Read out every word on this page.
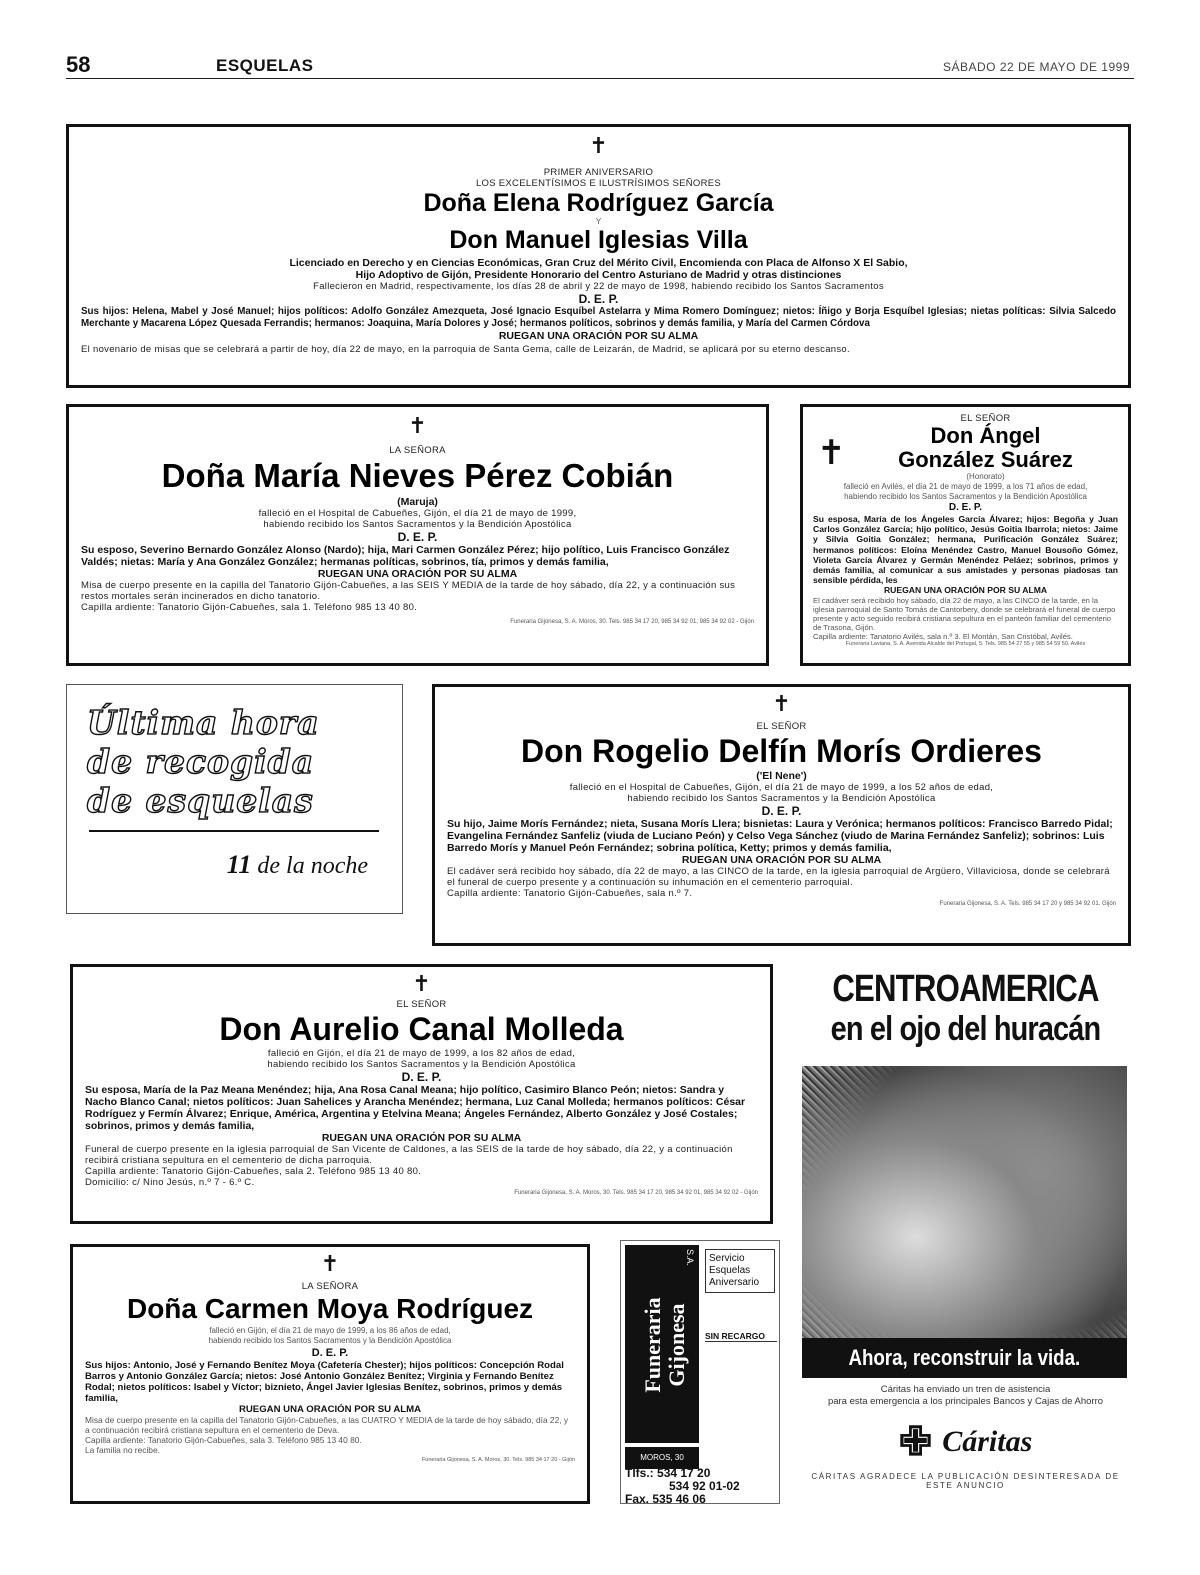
58	ESQUELAS	SÁBADO 22 DE MAYO DE 1999
✝
PRIMER ANIVERSARIO
LOS EXCELENTÍSIMOS E ILUSTRÍSIMOS SEÑORES
Doña Elena Rodríguez García
Y
Don Manuel Iglesias Villa
Licenciado en Derecho y en Ciencias Económicas, Gran Cruz del Mérito Civil, Encomienda con Placa de Alfonso X El Sabio,
Hijo Adoptivo de Gijón, Presidente Honorario del Centro Asturiano de Madrid y otras distinciones
Fallecieron en Madrid, respectivamente, los días 28 de abril y 22 de mayo de 1998, habiendo recibido los Santos Sacramentos
D. E. P.
Sus hijos: Helena, Mabel y José Manuel; hijos políticos: Adolfo González Amezqueta, José Ignacio Esquíbel Astelarra y Mima Romero Domínguez; nietos: Íñigo y Borja Esquíbel Iglesias; nietas políticas: Silvia Salcedo Merchante y Macarena López Quesada Ferrandis; hermanos: Joaquina, María Dolores y José; hermanos políticos, sobrinos y demás familia, y María del Carmen Córdova
RUEGAN UNA ORACIÓN POR SU ALMA
El novenario de misas que se celebrará a partir de hoy, día 22 de mayo, en la parroquia de Santa Gema, calle de Leizarán, de Madrid, se aplicará por su eterno descanso.
✝
LA SEÑORA
Doña María Nieves Pérez Cobián
(Maruja)
falleció en el Hospital de Cabueñes, Gijón, el día 21 de mayo de 1999,
habiendo recibido los Santos Sacramentos y la Bendición Apostólica
D. E. P.
Su esposo, Severino Bernardo González Alonso (Nardo); hija, Mari Carmen González Pérez; hijo político, Luis Francisco González Valdés; nietas: María y Ana González González; hermanas políticas, sobrinos, tía, primos y demás familia,
RUEGAN UNA ORACIÓN POR SU ALMA
Misa de cuerpo presente en la capilla del Tanatorio Gijón-Cabueñes, a las SEIS Y MEDIA de la tarde de hoy sábado, día 22, y a continuación sus restos mortales serán incinerados en dicho tanatorio.
Capilla ardiente: Tanatorio Gijón-Cabueñes, sala 1. Teléfono 985 13 40 80.
Funeraria Gijonesa, S. A. Moros, 30. Tels. 985 34 17 20, 985 34 92 01, 985 34 92 02 - Gijón
✝
EL SEÑOR
Don Ángel
González Suárez
(Honorato)
falleció en Avilés, el día 21 de mayo de 1999, a los 71 años de edad,
habiendo recibido los Santos Sacramentos y la Bendición Apostólica
D. E. P.
Su esposa, María de los Ángeles García Álvarez; hijos: Begoña y Juan Carlos González García; hijo político, Jesús Goitia Ibarrola; nietos: Jaime y Silvia Goitia González; hermana, Purificación González Suárez; hermanos políticos: Eloína Menéndez Castro, Manuel Bousoño Gómez, Violeta García Álvarez y Germán Menéndez Peláez; sobrinos, primos y demás familia, al comunicar a sus amistades y personas piadosas tan sensible pérdida, les
RUEGAN UNA ORACIÓN POR SU ALMA
El cadáver será recibido hoy sábado, día 22 de mayo, a las CINCO de la tarde, en la iglesia parroquial de Santo Tomás de Cantorbery, donde se celebrará el funeral de cuerpo presente y acto seguido recibirá cristiana sepultura en el panteón familiar del cementerio de Trasona, Gijón.
Capilla ardiente: Tanatorio Avilés, sala n.º 3. El Montán, San Cristóbal, Avilés.
Funeraria Laviana, S. A. Avenida Alcalde del Portugal, 5. Tels. 985 54 27 55 y 985 54 59 50. Avilés
Última hora
de recogida
de esquelas
11 de la noche
✝
EL SEÑOR
Don Rogelio Delfín Morís Ordieres
('El Nene')
falleció en el Hospital de Cabueñes, Gijón, el día 21 de mayo de 1999, a los 52 años de edad,
habiendo recibido los Santos Sacramentos y la Bendición Apostólica
D. E. P.
Su hijo, Jaime Morís Fernández; nieta, Susana Morís Llera; bisnietas: Laura y Verónica; hermanos políticos: Francisco Barredo Pidal; Evangelina Fernández Sanfeliz (viuda de Luciano Peón) y Celso Vega Sánchez (viudo de Marina Fernández Sanfeliz); sobrinos: Luis Barredo Morís y Manuel Peón Fernández; sobrina política, Ketty; primos y demás familia,
RUEGAN UNA ORACIÓN POR SU ALMA
El cadáver será recibido hoy sábado, día 22 de mayo, a las CINCO de la tarde, en la iglesia parroquial de Argüero, Villaviciosa, donde se celebrará el funeral de cuerpo presente y a continuación su inhumación en el cementerio parroquial.
Capilla ardiente: Tanatorio Gijón-Cabueñes, sala n.º 7.
Funeraria Gijonesa, S. A. Tels. 985 34 17 20 y 985 34 92 01. Gijón
✝
EL SEÑOR
Don Aurelio Canal Molleda
falleció en Gijón, el día 21 de mayo de 1999, a los 82 años de edad,
habiendo recibido los Santos Sacramentos y la Bendición Apostólica
D. E. P.
Su esposa, María de la Paz Meana Menéndez; hija, Ana Rosa Canal Meana; hijo político, Casimiro Blanco Peón; nietos: Sandra y Nacho Blanco Canal; nietos políticos: Juan Sahelices y Arancha Menéndez; hermana, Luz Canal Molleda; hermanos políticos: César Rodríguez y Fermín Álvarez; Enrique, América, Argentina y Etelvina Meana; Ángeles Fernández, Alberto González y José Costales; sobrinos, primos y demás familia,
RUEGAN UNA ORACIÓN POR SU ALMA
Funeral de cuerpo presente en la iglesia parroquial de San Vicente de Caldones, a las SEIS de la tarde de hoy sábado, día 22, y a continuación recibirá cristiana sepultura en el cementerio de dicha parroquia.
Capilla ardiente: Tanatorio Gijón-Cabueñes, sala 2. Teléfono 985 13 40 80.
Domicilio: c/ Nino Jesús, n.º 7 - 6.º C.
Funeraria Gijonesa, S. A. Moros, 30. Tels. 985 34 17 20, 985 34 92 01, 985 34 92 02 - Gijón
✝
LA SEÑORA
Doña Carmen Moya Rodríguez
falleció en Gijón, el día 21 de mayo de 1999, a los 86 años de edad,
habiendo recibido los Santos Sacramentos y la Bendición Apostólica
D. E. P.
Sus hijos: Antonio, José y Fernando Benítez Moya (Cafetería Chester); hijos políticos: Concepción Rodal Barros y Antonio González García; nietos: José Antonio González Benítez; Virginia y Fernando Benítez Rodal; nietos políticos: Isabel y Víctor; biznieto, Ángel Javier Iglesias Benítez, sobrinos, primos y demás familia,
RUEGAN UNA ORACIÓN POR SU ALMA
Misa de cuerpo presente en la capilla del Tanatorio Gijón-Cabueñes, a las CUATRO Y MEDIA de la tarde de hoy sábado, día 22, y a continuación recibirá cristiana sepultura en el cementerio de Deva.
Capilla ardiente: Tanatorio Gijón-Cabueñes, sala 3. Teléfono 985 13 40 80.
La familia no recibe.
Funeraria Gijonesa, S. A. Moros, 30. Tels. 985 34 17 20 - Gijón
Funeraria Gijonesa
S.A.
MOROS, 30
Servicio
Esquelas
Aniversario
SIN RECARGO
Tlfs.: 534 17 20
534 92 01-02
Fax. 535 46 06
CENTROAMERICA
en el ojo del huracán
Ahora, reconstruir la vida.
Cáritas ha enviado un tren de asistencia
para esta emergencia a los principales Bancos y Cajas de Ahorro
✙ Cáritas
CÁRITAS AGRADECE LA PUBLICACIÓN DESINTERESADA DE ESTE ANUNCIO
